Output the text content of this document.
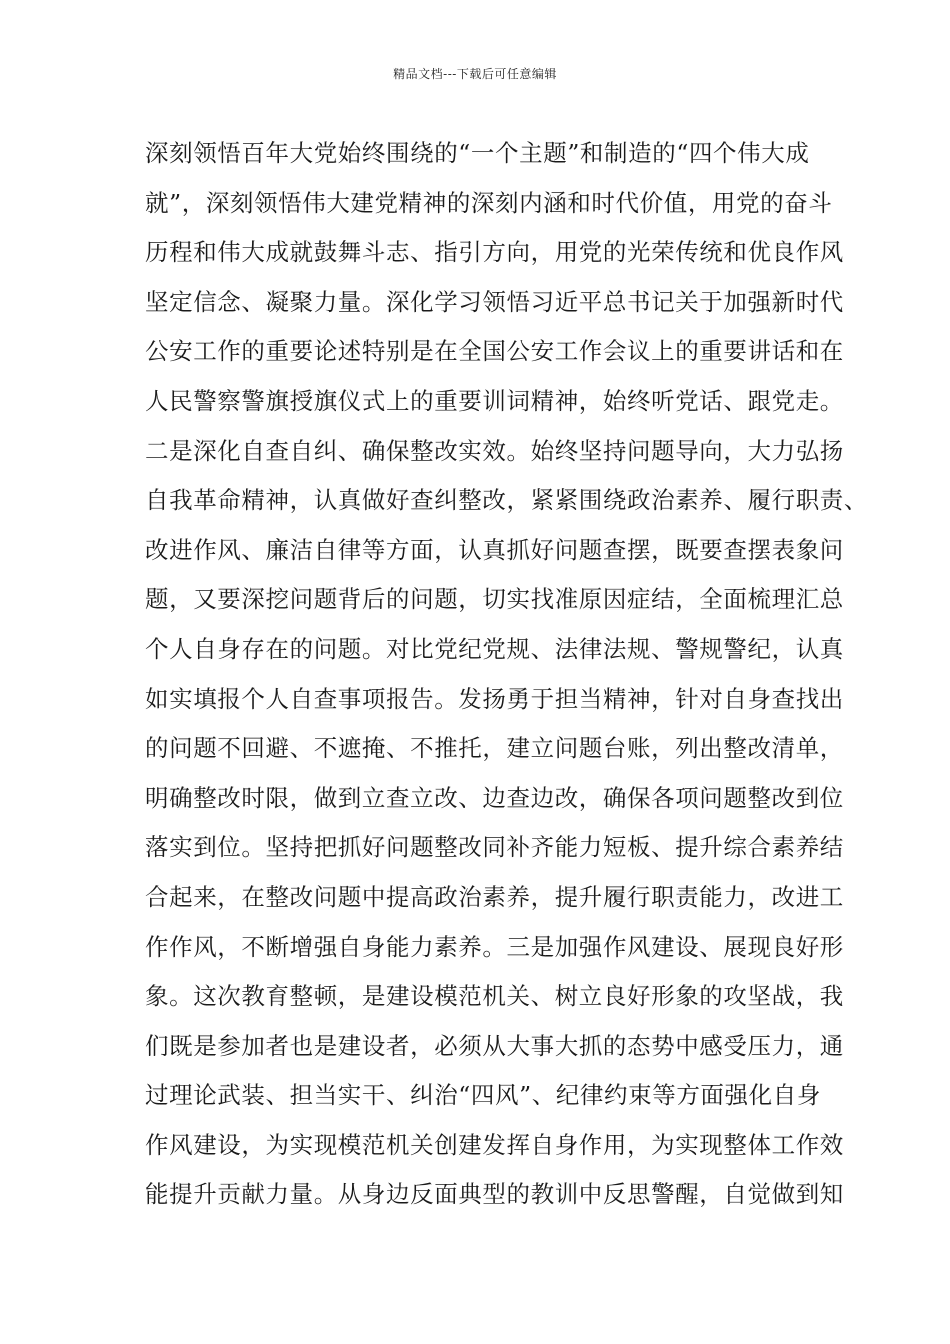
精品文档---下载后可任意编辑
深刻领悟百年大党始终围绕的“一个主题”和制造的“四个伟大成
就”，深刻领悟伟大建党精神的深刻内涵和时代价值，用党的奋斗
历程和伟大成就鼓舞斗志、指引方向，用党的光荣传统和优良作风
坚定信念、凝聚力量。深化学习领悟习近平总书记关于加强新时代
公安工作的重要论述特别是在全国公安工作会议上的重要讲话和在
人民警察警旗授旗仪式上的重要训词精神，始终听党话、跟党走。
二是深化自查自纠、确保整改实效。始终坚持问题导向，大力弘扬
自我革命精神，认真做好查纠整改，紧紧围绕政治素养、履行职责、
改进作风、廉洁自律等方面，认真抓好问题查摆，既要查摆表象问
题，又要深挖问题背后的问题，切实找准原因症结，全面梳理汇总
个人自身存在的问题。对比党纪党规、法律法规、警规警纪，认真
如实填报个人自查事项报告。发扬勇于担当精神，针对自身查找出
的问题不回避、不遮掩、不推托，建立问题台账，列出整改清单，
明确整改时限，做到立查立改、边查边改，确保各项问题整改到位
落实到位。坚持把抓好问题整改同补齐能力短板、提升综合素养结
合起来，在整改问题中提高政治素养，提升履行职责能力，改进工
作作风，不断增强自身能力素养。三是加强作风建设、展现良好形
象。这次教育整顿，是建设模范机关、树立良好形象的攻坚战，我
们既是参加者也是建设者，必须从大事大抓的态势中感受压力，通
过理论武装、担当实干、纠治“四风”、纪律约束等方面强化自身
作风建设，为实现模范机关创建发挥自身作用，为实现整体工作效
能提升贡献力量。从身边反面典型的教训中反思警醒，自觉做到知
